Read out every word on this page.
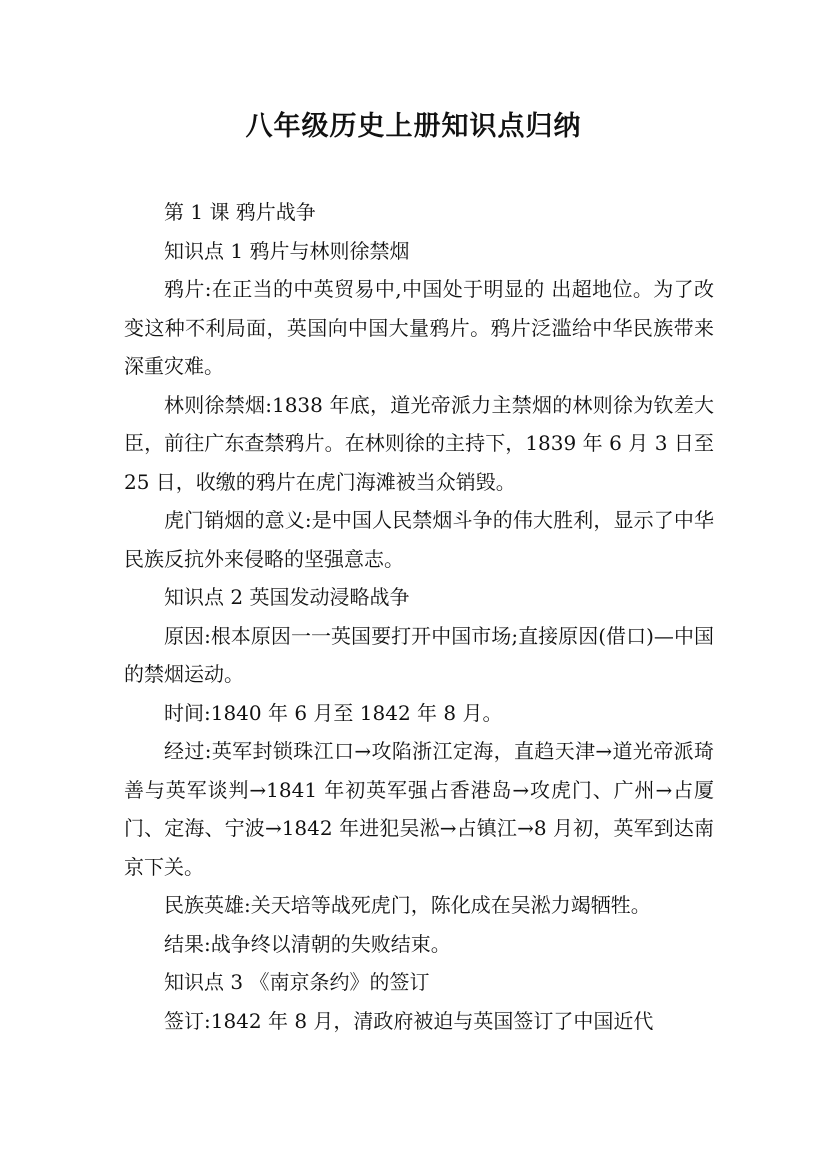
八年级历史上册知识点归纳

第 1 课 鸦片战争

知识点 1 鸦片与林则徐禁烟

鸦片:在正当的中英贸易中,中国处于明显的 出超地位。为了改变这种不利局面，英国向中国大量鸦片。鸦片泛滥给中华民族带来深重灾难。

林则徐禁烟:1838 年底，道光帝派力主禁烟的林则徐为钦差大臣，前往广东查禁鸦片。在林则徐的主持下，1839 年 6 月 3 日至 25 日，收缴的鸦片在虎门海滩被当众销毁。

虎门销烟的意义:是中国人民禁烟斗争的伟大胜利，显示了中华民族反抗外来侵略的坚强意志。

知识点 2 英国发动浸略战争

原因:根本原因一一英国要打开中国市场;直接原因(借口)—中国的禁烟运动。

时间:1840 年 6 月至 1842 年 8 月。

经过:英军封锁珠江口→攻陷浙江定海，直趋天津→道光帝派琦善与英军谈判→1841 年初英军强占香港岛→攻虎门、广州→占厦门、定海、宁波→1842 年进犯吴淞→占镇江→8 月初，英军到达南京下关。

民族英雄:关天培等战死虎门，陈化成在吴淞力竭牺牲。

结果:战争终以清朝的失败结束。

知识点 3 《南京条约》的签订

签订:1842 年 8 月，清政府被迫与英国签订了中国近代
